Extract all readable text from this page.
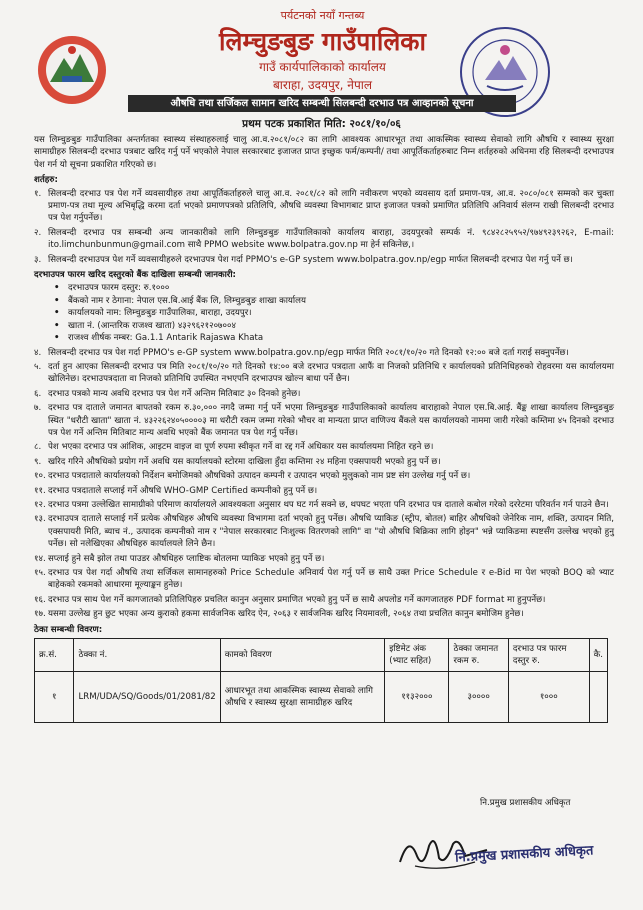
पर्यटनको नयाँ गन्तब्य
लिम्चुङबुङ गाउँपालिका
गाउँ कार्यपालिकाको कार्यालय
बाराहा, उदयपुर, नेपाल
औषधि तथा सर्जिकल सामान खरिद सम्बन्धी सिलबन्दी दरभाउ पत्र आव्हानको सूचना
प्रथम पटक प्रकाशित मिति: २०८१/१०/०६

यस लिम्चुङबुङ गाउँपालिका अन्तर्गतका स्वास्थ्य संस्थाहरुलाई चालु आ.व.२०८१/०८२ का लागि आवश्यक आधारभूत तथा आकस्मिक स्वास्थ्य सेवाको लागि औषधि र स्वास्थ्य सुरक्षा सामाग्रीहरु सिलबन्दी दरभाउ पत्रबाट खरिद गर्नु पर्ने भएकोले नेपाल सरकारबाट इजाजत प्राप्त इच्छुक फर्म/कम्पनी/ तथा आपूर्तिकर्ताहरुबाट निम्न शर्तहरुको अधिनमा रहि सिलबन्दी दरभाउपत्र पेश गर्न यो सूचना प्रकाशित गरिएको छ।

शर्तहरु:
१. सिलबन्दी दरभाउ पत्र पेश गर्ने व्यवसायीहरु तथा आपूर्तिकर्ताहरुले चालु आ.व. २०८१/८२ को लागि नवीकरण भएको व्यवसाय दर्ता प्रमाण-पत्र, आ.व. २०८०/०८१ सम्मको कर चुक्ता प्रमाण-पत्र तथा मूल्य अभिबृद्धि करमा दर्ता भएको प्रमाणपत्रको प्रतिलिपि, औषधि व्यवस्था विभागबाट प्राप्त इजाजत पत्रको प्रमाणित प्रतिलिपि अनिवार्य संलग्न राखी सिलबन्दी दरभाउ पत्र पेश गर्नुपर्नेछ।
२. सिलबन्दी दरभाउ पत्र सम्बन्धी अन्य जानकारीको लागि लिम्चुङबुङ गाउँपालिकाको कार्यालय बाराहा, उदयपुरको सम्पर्क नं. ९८४२८२५९५२/९७४९२३९२६२, E-mail: ito.limchunbunmun@gmail.com साथै PPMO website www.bolpatra.gov.np मा हेर्न सकिनेछ,।
३. सिलबन्दी दरभाउपत्र पेश गर्ने व्यवसायीहरुले दरभाउपत्र पेश गर्दा PPMO's e-GP system www.bolpatra.gov.np/egp मार्फत सिलबन्दी दरभाउ पेश गर्नु पर्ने छ।
दरभाउपत्र फारम खरिद दस्तुरको बैंक दाखिला सम्बन्धी जानकारी:
• दरभाउपत्र फारम दस्तुर: रु.१०००
• बैंकको नाम र ठेगाना: नेपाल एस.बि.आई बैंक लि, लिम्चुङबुङ शाखा कार्यालय
• कार्यालयको नाम: लिम्चुङबुङ गाउँपालिका, बाराहा, उदयपुर।
• खाता नं. (आन्तरिक राजश्व खाता) ४३२९६२१२०७००४
• राजश्व शीर्षक नम्बर: Ga.1.1 Antarik Rajaswa Khata
४. सिलबन्दी दरभाउ पत्र पेश गर्दा PPMO's e-GP system www.bolpatra.gov.np/egp मार्फत मिति २०८१/१०/२० गते दिनको १२:०० बजे दर्ता गराई सक्नुपर्नेछ।
५. दर्ता हुन आएका सिलबन्दी दरभाउ पत्र मिति २०८१/१०/२० गते दिनको १४:०० बजे दरभाउ पत्रदाता आफैं वा निजको प्रतिनिधि र कार्यालयको प्रतिनिधिहरुको रोहवरमा यस कार्यालयमा खोलिनेछ। दरभाउपत्रदाता वा निजको प्रतिनिधि उपस्थित नभएपनि दरभाउपत्र खोल्न बाधा पर्ने छैन।
६. दरभाउ पत्रको मान्य अवधि दरभाउ पत्र पेश गर्ने अन्तिम मितिबाट ३० दिनको हुनेछ।
७. दरभाउ पत्र दाताले जमानत बापतको रकम रु.३०,००० नगदै जम्मा गर्नु पर्ने भएमा लिम्चुङबुङ गाउँपालिकाको कार्यालय बाराहाको नेपाल एस.बि.आई. बैंङ्क शाखा कार्यालय लिम्चुङबुङ स्थित "धरौटी खाता" खाता नं. ४३२२६२४०५००००३ मा धरौटी रकम जम्मा गरेको भौचर वा मान्यता प्राप्त वाणिज्य बैंकले यस कार्यालयको नाममा जारी गरेको कम्तिमा ४५ दिनको दरभाउ पत्र पेश गर्ने अन्तिम मितिबाट मान्य अवधि भएको बैंक जमानत पत्र पेश गर्नु पर्नेछ।
८. पेश भएका दरभाउ पत्र आंशिक, आइटम वाइज वा पूर्ण रुपमा स्वीकृत गर्ने वा रद्द गर्ने अधिकार यस कार्यालयमा निहित रहने छ।
९. खरिद गरिने औषधिको प्रयोग गर्ने अवधि यस कार्यालयको स्टोरमा दाखिला हुँदा कम्तिमा २४ महिना एक्सपायरी भएको हुनु पर्ने छ।
१०. दरभाउ पत्रदाताले कार्यालयको निर्देशन बमोजिमको औषधिको उत्पादन कम्पनी र उत्पादन भएको मुलुकको नाम प्रष्ट संग उल्लेख गर्नु पर्ने छ।
११. दरभाउ पत्रदाताले सप्लाई गर्ने औषधि WHO-GMP Certified कम्पनीको हुनु पर्ने छ।
१२. दरभाउ पत्रमा उल्लेखित सामाग्रीको परिमाण कार्यालयले आवश्यकता अनुसार थप घट गर्न सक्ने छ, थपघट भएता पनि दरभाउ पत्र दाताले कबोल गरेको दररेटमा परिवर्तन गर्न पाउने छैन।
१३. दरभाउपत्र दाताले सप्लाई गर्ने प्रत्येक औषधिहरु औषधि व्यवस्था विभागमा दर्ता भएको हुनु पर्नेछ। औषधि प्याकिङ (स्ट्रीप, बोतल) बाहिर औषधिको जेनेरिक नाम, शक्ति, उत्पादन मिति, एक्सपायरी मिति, ब्याच नं., उत्पादक कम्पनीको नाम र "नेपाल सरकारबाट निःशुल्क वितरणको लागि" वा "यो औषधि बिक्रिका लागि होइन" भन्ने प्याकिङमा स्पष्टसँग उल्लेख भएको हुनु पर्नेछ। सो नलेखिएका औषधिहरु कार्यालयले लिने छैन।
१४. सप्लाई हुने सबै झोल तथा पाउडर औषधिहरु प्लाष्टिक बोतलमा प्याकिङ भएको हुनु पर्ने छ।
१५. दरभाउ पत्र पेश गर्दा औषधि तथा सर्जिकल सामानहरुको Price Schedule अनिवार्य पेश गर्नु पर्ने छ साथै उक्त Price Schedule र e-Bid मा पेश भएको BOQ को भ्याट बाहेकको रकमको आधारमा मूल्याङ्कन हुनेछ।
१६. दरभाउ पत्र साथ पेश गर्ने कागजातको प्रतिलिपिहरु प्रचलित कानुन अनुसार प्रमाणित भएको हुनु पर्ने छ साथै अपलोड गर्ने कागजातहरु PDF format मा हुनुपर्नेछ।
१७. यसमा उल्लेख हुन छुट भएका अन्य कुराको हकमा सार्वजनिक खरिद ऐन, २०६३ र सार्वजनिक खरिद नियमावली, २०६४ तथा प्रचलित कानुन बमोजिम हुनेछ।
ठेका सम्बन्धी विवरण:
क्र.सं.	ठेक्का नं.	कामको विवरण	इष्टिमेट अंक (भ्याट सहित)	ठेक्का जमानत रकम रु.	दरभाउ पत्र फारम दस्तुर रु.	कै.
१	LRM/UDA/SQ/Goods/01/2081/82	आधारभूत तथा आकस्मिक स्वास्थ्य सेवाको लागि औषधि र स्वास्थ्य सुरक्षा सामाग्रीहरु खरिद	११३२०००	३००००	१०००	
नि.प्रमुख प्रशासकीय अधिकृत
नि.प्रमुख प्रशासकीय अधिकृत
